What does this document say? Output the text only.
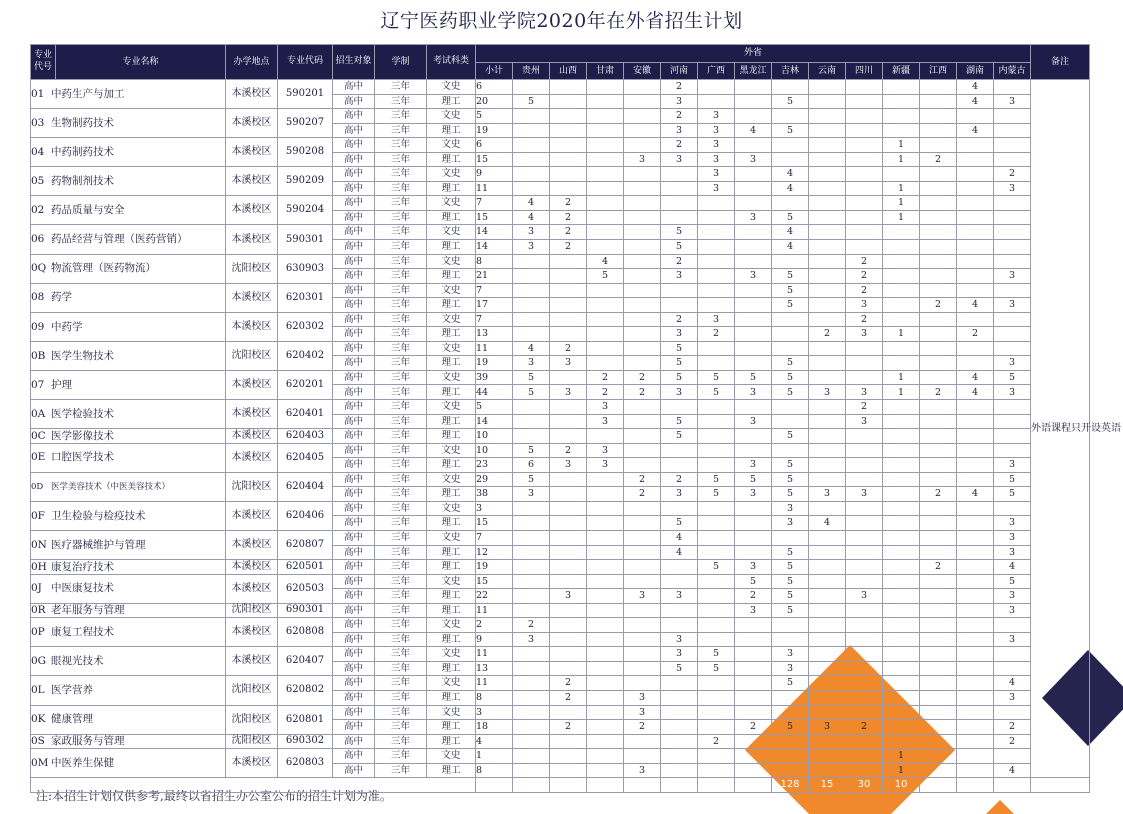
辽宁医药职业学院2020年在外省招生计划
专业代号	专业名称	办学地点	专业代码	招生对象	学制	考试科类	外省															备注
							小计	贵州	山西	甘肃	安徽	河南	广西	黑龙江	吉林	云南	四川	新疆	江西	湖南	内蒙古	
01 中药生产与加工		本溪校区	590201	高中	三年	文史	6					2								4		外语课程只开设英语
				高中	三年	理工	20	5				3			5					4	3	
03 生物制药技术		本溪校区	590207	高中	三年	文史	5					2	3									
				高中	三年	理工	19					3	3	4	5					4		
04 中药制药技术		本溪校区	590208	高中	三年	文史	6					2	3					1				
				高中	三年	理工	15				3	3	3	3				1	2			
05 药物制剂技术		本溪校区	590209	高中	三年	文史	9						3		4						2	
				高中	三年	理工	11						3		4			1			3	
02 药品质量与安全		本溪校区	590204	高中	三年	文史	7	4	2									1				
				高中	三年	理工	15	4	2					3	5			1				
06 药品经营与管理（医药营销）		本溪校区	590301	高中	三年	文史	14	3	2			5			4							
				高中	三年	理工	14	3	2			5			4							
0Q 物流管理（医药物流）		沈阳校区	630903	高中	三年	文史	8			4		2					2					
				高中	三年	理工	21			5		3		3	5		2				3	
08 药学		本溪校区	620301	高中	三年	文史	7								5		2					
				高中	三年	理工	17								5		3		2	4	3	
09 中药学		本溪校区	620302	高中	三年	文史	7					2	3				2					
				高中	三年	理工	13					3	2			2	3	1		2		
0B 医学生物技术		沈阳校区	620402	高中	三年	文史	11	4	2			5										
				高中	三年	理工	19	3	3			5			5						3	
07 护理		本溪校区	620201	高中	三年	文史	39	5		2	2	5	5	5	5			1		4	5	
				高中	三年	理工	44	5	3	2	2	3	5	3	5	3	3	1	2	4	3	
0A 医学检验技术		本溪校区	620401	高中	三年	文史	5			3							2					
				高中	三年	理工	14			3		5		3			3					
0C 医学影像技术		本溪校区	620403	高中	三年	理工	10					5			5							
0E 口腔医学技术		本溪校区	620405	高中	三年	文史	10	5	2	3												
				高中	三年	理工	23	6	3	3				3	5						3	
0D 医学美容技术（中医美容技术）		沈阳校区	620404	高中	三年	文史	29	5			2	2	5	5	5						5	
				高中	三年	理工	38	3			2	3	5	3	5	3	3		2	4	5	
0F 卫生检验与检疫技术		本溪校区	620406	高中	三年	文史	3								3							
				高中	三年	理工	15					5			3	4					3	
0N 医疗器械维护与管理		本溪校区	620807	高中	三年	文史	7					4									3	
				高中	三年	理工	12					4			5						3	
0H 康复治疗技术		本溪校区	620501	高中	三年	理工	19						5	3	5				2		4	
0J 中医康复技术		本溪校区	620503	高中	三年	文史	15							5	5						5	
				高中	三年	理工	22		3		3	3		2	5		3				3	
0R 老年服务与管理		沈阳校区	690301	高中	三年	理工	11							3	5						3	
0P 康复工程技术		本溪校区	620808	高中	三年	文史	2	2														
				高中	三年	理工	9	3				3									3	
0G 眼视光技术		本溪校区	620407	高中	三年	文史	11					3	5		3							
				高中	三年	理工	13					5	5		3							
0L 医学营养		沈阳校区	620802	高中	三年	文史	11		2						5						4	
				高中	三年	理工	8		2		3										3	
0K 健康管理		沈阳校区	620801	高中	三年	文史	3				3											
				高中	三年	理工	18		2		2			2	5	3	2				2	
0S 家政服务与管理		沈阳校区	690302	高中	三年	理工	4						2								2	
0M 中医养生保健		本溪校区	620803	高中	三年	文史	1											1				
				高中	三年	理工	8				3							1			4	
合计							648	60	30	25	25	95	60	50	128	15	30	10	10	30	80	
注:本招生计划仅供参考,最终以省招生办公室公布的招生计划为准。
